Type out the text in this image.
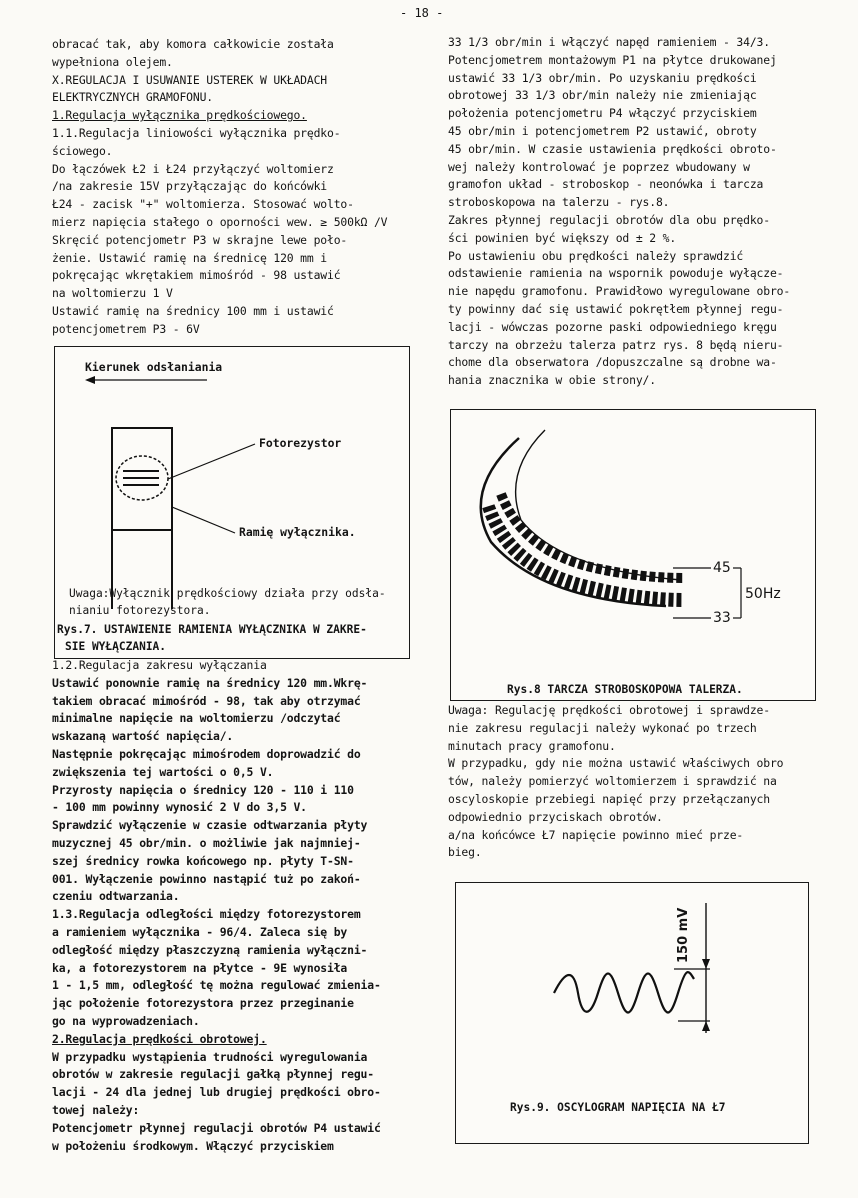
- 18 -
obracać tak, aby komora całkowicie została
wypełniona olejem.
X.REGULACJA I USUWANIE USTEREK W UKŁADACH
ELEKTRYCZNYCH GRAMOFONU.
1.Regulacja wyłącznika prędkościowego.
1.1.Regulacja liniowości wyłącznika prędko-
ściowego.
Do łączówek Ł2 i Ł24 przyłączyć woltomierz
/na zakresie 15V przyłączając do końcówki
Ł24 - zacisk "+" woltomierza. Stosować wolto-
mierz napięcia stałego o oporności wew. ≥ 500kΩ /V
Skręcić potencjometr P3 w skrajne lewe poło-
żenie. Ustawić ramię na średnicę 120 mm i
pokręcając wkrętakiem mimośród - 98 ustawić
na woltomierzu 1 V
Ustawić ramię na średnicy 100 mm i ustawić
potencjometrem P3 - 6V
Kierunek odsłaniania
Fotorezystor
Ramię wyłącznika.
Uwaga:Wyłącznik prędkościowy działa przy odsła-
nianiu fotorezystora.
Rys.7. USTAWIENIE RAMIENIA WYŁĄCZNIKA W ZAKRE-
SIE WYŁĄCZANIA.
1.2.Regulacja zakresu wyłączania
Ustawić ponownie ramię na średnicy 120 mm.Wkrę-
takiem obracać mimośród - 98, tak aby otrzymać
minimalne napięcie na woltomierzu /odczytać
wskazaną wartość napięcia/.
Następnie pokręcając mimośrodem doprowadzić do
zwiększenia tej wartości o 0,5 V.
Przyrosty napięcia o średnicy 120 - 110 i 110
- 100 mm powinny wynosić 2 V do 3,5 V.
Sprawdzić wyłączenie w czasie odtwarzania płyty
muzycznej 45 obr/min. o możliwie jak najmniej-
szej średnicy rowka końcowego np. płyty T-SN-
001. Wyłączenie powinno nastąpić tuż po zakoń-
czeniu odtwarzania.
1.3.Regulacja odległości między fotorezystorem
a ramieniem wyłącznika - 96/4. Zaleca się by
odległość między płaszczyzną ramienia wyłączni-
ka, a fotorezystorem na płytce - 9E wynosiła
1 - 1,5 mm, odległość tę można regulować zmienia-
jąc położenie fotorezystora przez przeginanie
go na wyprowadzeniach.
2.Regulacja prędkości obrotowej.
W przypadku wystąpienia trudności wyregulowania
obrotów w zakresie regulacji gałką płynnej regu-
lacji - 24 dla jednej lub drugiej prędkości obro-
towej należy:
Potencjometr płynnej regulacji obrotów P4 ustawić
w położeniu środkowym. Włączyć przyciskiem
33 1/3 obr/min i włączyć napęd ramieniem - 34/3.
Potencjometrem montażowym P1 na płytce drukowanej
ustawić 33 1/3 obr/min. Po uzyskaniu prędkości
obrotowej 33 1/3 obr/min należy nie zmieniając
położenia potencjometru P4 włączyć przyciskiem
45 obr/min i potencjometrem P2 ustawić, obroty
45 obr/min. W czasie ustawienia prędkości obroto-
wej należy kontrolować je poprzez wbudowany w
gramofon układ - stroboskop - neonówka i tarcza
stroboskopowa na talerzu - rys.8.
Zakres płynnej regulacji obrotów dla obu prędko-
ści powinien być większy od ± 2 %.
Po ustawieniu obu prędkości należy sprawdzić
odstawienie ramienia na wspornik powoduje wyłącze-
nie napędu gramofonu. Prawidłowo wyregulowane obro-
ty powinny dać się ustawić pokrętłem płynnej regu-
lacji - wówczas pozorne paski odpowiedniego kręgu
tarczy na obrzeżu talerza patrz rys. 8 będą nieru-
chome dla obserwatora /dopuszczalne są drobne wa-
hania znacznika w obie strony/.
45
33
50Hz
Rys.8 TARCZA STROBOSKOPOWA TALERZA.
Uwaga: Regulację prędkości obrotowej i sprawdze-
nie zakresu regulacji należy wykonać po trzech
minutach pracy gramofonu.
W przypadku, gdy nie można ustawić właściwych obro
tów, należy pomierzyć woltomierzem i sprawdzić na
oscyloskopie przebiegi napięć przy przełączanych
odpowiednio przyciskach obrotów.
a/na końcówce Ł7 napięcie powinno mieć prze-
bieg.
150 mV
Rys.9. OSCYLOGRAM NAPIĘCIA NA Ł7
